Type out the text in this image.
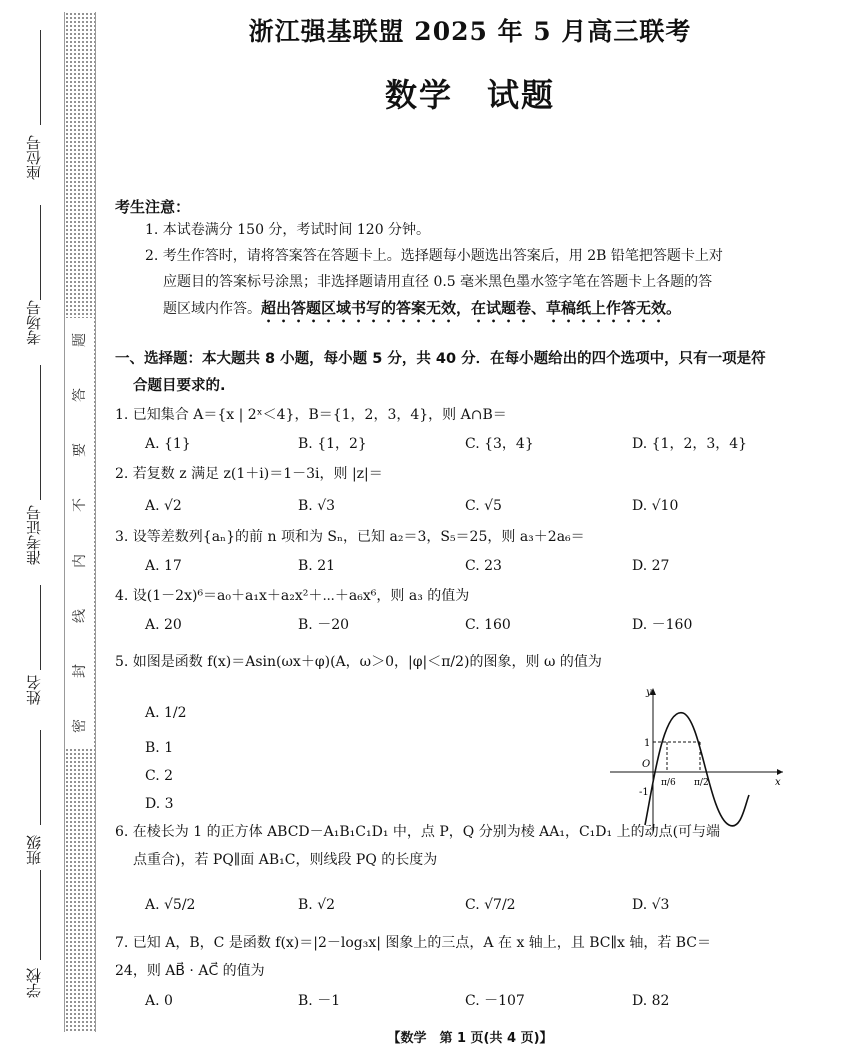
座位号
考场号
准考证号
姓名
班级
学校
题
答
要
不
内
线
封
密
浙江强基联盟 2025 年 5 月高三联考
数学 试题
考生注意：
1. 本试卷满分 150 分，考试时间 120 分钟。
2. 考生作答时，请将答案答在答题卡上。选择题每小题选出答案后，用 2B 铅笔把答题卡上对
应题目的答案标号涂黑；非选择题请用直径 0.5 毫米黑色墨水签字笔在答题卡上各题的答
题区域内作答。超出答题区域书写的答案无效，在试题卷、草稿纸上作答无效。
一、选择题：本大题共 8 小题，每小题 5 分，共 40 分．在每小题给出的四个选项中，只有一项是符
合题目要求的.
1. 已知集合 A＝{x | 2ˣ＜4}，B＝{1，2，3，4}，则 A∩B＝
A. {1}	B. {1，2}	C. {3，4}	D. {1，2，3，4}
2. 若复数 z 满足 z(1＋i)＝1－3i，则 |z|＝
A. √2	B. √3	C. √5	D. √10
3. 设等差数列{aₙ}的前 n 项和为 Sₙ，已知 a₂＝3，S₅＝25，则 a₃＋2a₆＝
A. 17	B. 21	C. 23	D. 27
4. 设(1－2x)⁶＝a₀＋a₁x＋a₂x²＋⋯＋a₆x⁶，则 a₃ 的值为
A. 20	B. －20	C. 160	D. －160
5. 如图是函数 f(x)＝Asin(ωx＋φ)(A，ω＞0，|φ|＜π/2)的图象，则 ω 的值为
A. 1/2
B. 1
C. 2
D. 3
6. 在棱长为 1 的正方体 ABCD－A₁B₁C₁D₁ 中，点 P，Q 分别为棱 AA₁，C₁D₁ 上的动点(可与端
点重合)，若 PQ∥面 AB₁C，则线段 PQ 的长度为
A. √5/2	B. √2	C. √7/2	D. √3
7. 已知 A，B，C 是函数 f(x)＝|2－log₃x| 图象上的三点，A 在 x 轴上，且 BC∥x 轴，若 BC＝
24，则 AB⃗ · AC⃗ 的值为
A. 0	B. －1	C. －107	D. 82
【数学　第 1 页(共 4 页)】
y
x
O
1
-1
π/6 π/2
